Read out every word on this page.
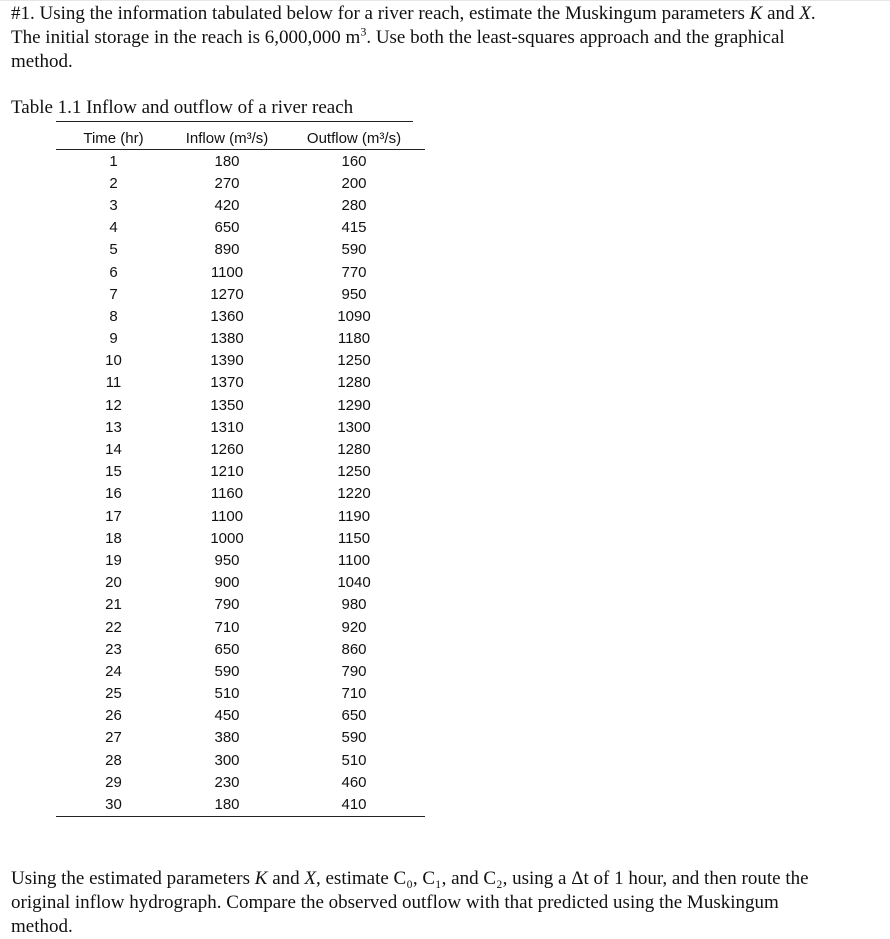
#1. Using the information tabulated below for a river reach, estimate the Muskingum parameters K and X. The initial storage in the reach is 6,000,000 $m^3$. Use both the least-squares approach and the graphical method.

Table 1.1 Inflow and outflow of a river reach
Time (hr)	Inflow (m³/s)	Outflow (m³/s)
1	180	160
2	270	200
3	420	280
4	650	415
5	890	590
6	1100	770
7	1270	950
8	1360	1090
9	1380	1180
10	1390	1250
11	1370	1280
12	1350	1290
13	1310	1300
14	1260	1280
15	1210	1250
16	1160	1220
17	1100	1190
18	1000	1150
19	950	1100
20	900	1040
21	790	980
22	710	920
23	650	860
24	590	790
25	510	710
26	450	650
27	380	590
28	300	510
29	230	460
30	180	410

Using the estimated parameters K and X, estimate C₀, C₁, and C₂, using a Δt of 1 hour, and then route the original inflow hydrograph. Compare the observed outflow with that predicted using the Muskingum method.
